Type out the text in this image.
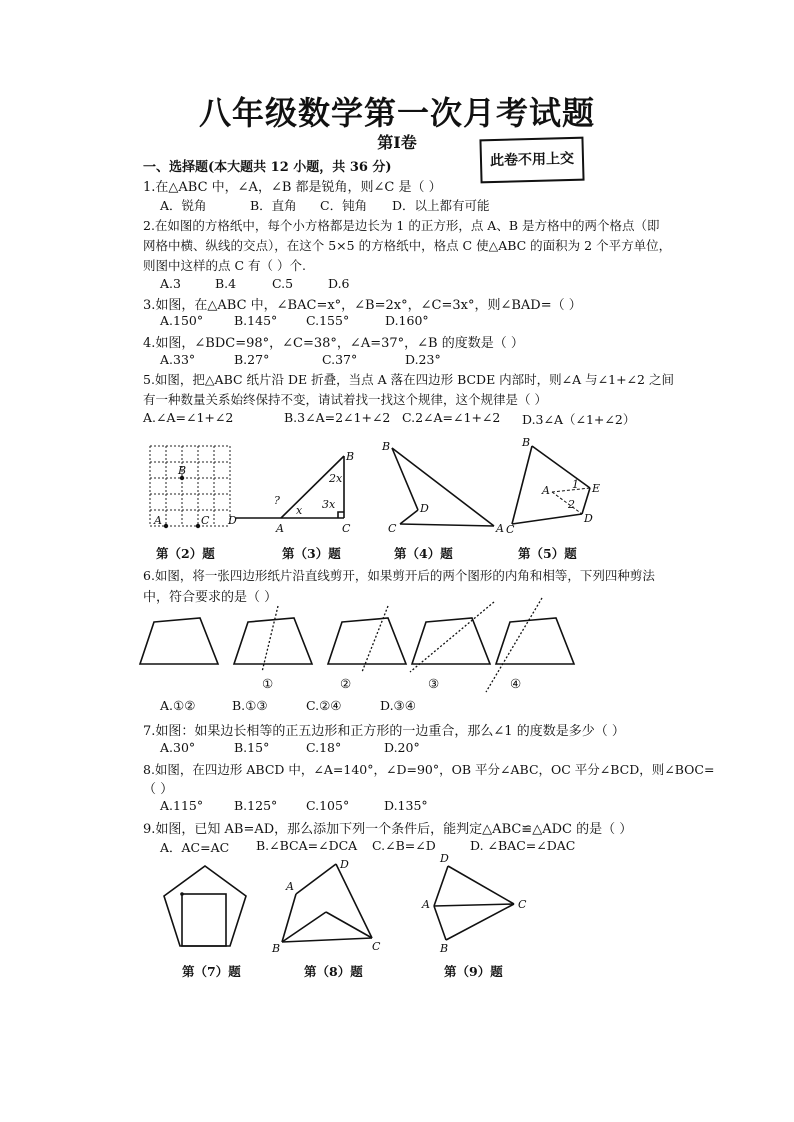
八年级数学第一次月考试题
第Ⅰ卷
此卷不用上交
一、选择题(本大题共 12 小题，共 36 分)
1.在△ABC 中，∠A，∠B 都是锐角，则∠C 是（ ）
A．锐角	B．直角 C．钝角 D．以上都有可能
2.在如图的方格纸中，每个小方格都是边长为 1 的正方形，点 A、B 是方格中的两个格点（即
网格中横、纵线的交点），在这个 5×5 的方格纸中，格点 C 使△ABC 的面积为 2 个平方单位，
则图中这样的点 C 有（ ）个.
A.3	B.4	C.5	D.6
3.如图，在△ABC 中，∠BAC=x°，∠B=2x°，∠C=3x°，则∠BAD=（ ）
A.150° B.145° C.155°	D.160°
4.如图，∠BDC=98°，∠C=38°，∠A=37°，∠B 的度数是（ ）
A.33°	B.27°	C.37°	D.23°
5.如图，把△ABC 纸片沿 DE 折叠，当点 A 落在四边形 BCDE 内部时，则∠A 与∠1+∠2 之间
有一种数量关系始终保持不变，请试着找一找这个规律，这个规律是（ ）
A.∠A=∠1+∠2	B.3∠A=2∠1+∠2 C.2∠A=∠1+∠2 D.3∠A（∠1+∠2）
B
A	C
B
2x
3x
?
x
D
A	C
B
D
C	A
B
A 1 E
2
C
D
第（2）题	第（3）题	第（4）题	第（5）题
6.如图，将一张四边形纸片沿直线剪开，如果剪开后的两个图形的内角和相等，下列四种剪法
中，符合要求的是（ ）
①	②	③	④
A.①②	B.①③	C.②④	D.③④
7.如图：如果边长相等的正五边形和正方形的一边重合，那么∠1 的度数是多少（ ）
A.30°	B.15°	C.18°	D.20°
8.如图，在四边形 ABCD 中，∠A=140°，∠D=90°，OB 平分∠ABC，OC 平分∠BCD，则∠BOC=
（ ）
A.115° B.125° C.105°	D.135°
9.如图，已知 AB=AD，那么添加下列一个条件后，能判定△ABC≌△ADC 的是（ ）
A．AC=AC B.∠BCA=∠DCA C.∠B=∠D	D. ∠BAC=∠DAC
D
A
B	C
D
A	C
B
第（7）题	第（8）题	第（9）题
